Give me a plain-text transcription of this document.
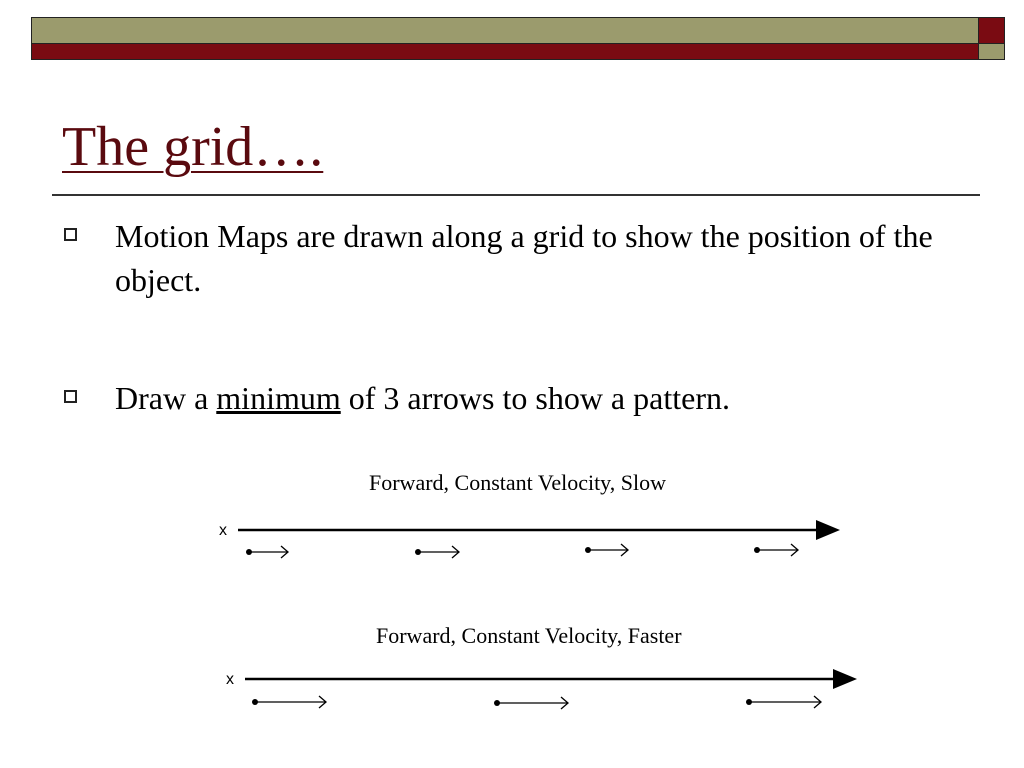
The grid….
Motion Maps are drawn along a grid to show the position of the object.
Draw a minimum of 3 arrows to show a pattern.
Forward, Constant Velocity, Slow
Forward, Constant Velocity, Faster
x
x
